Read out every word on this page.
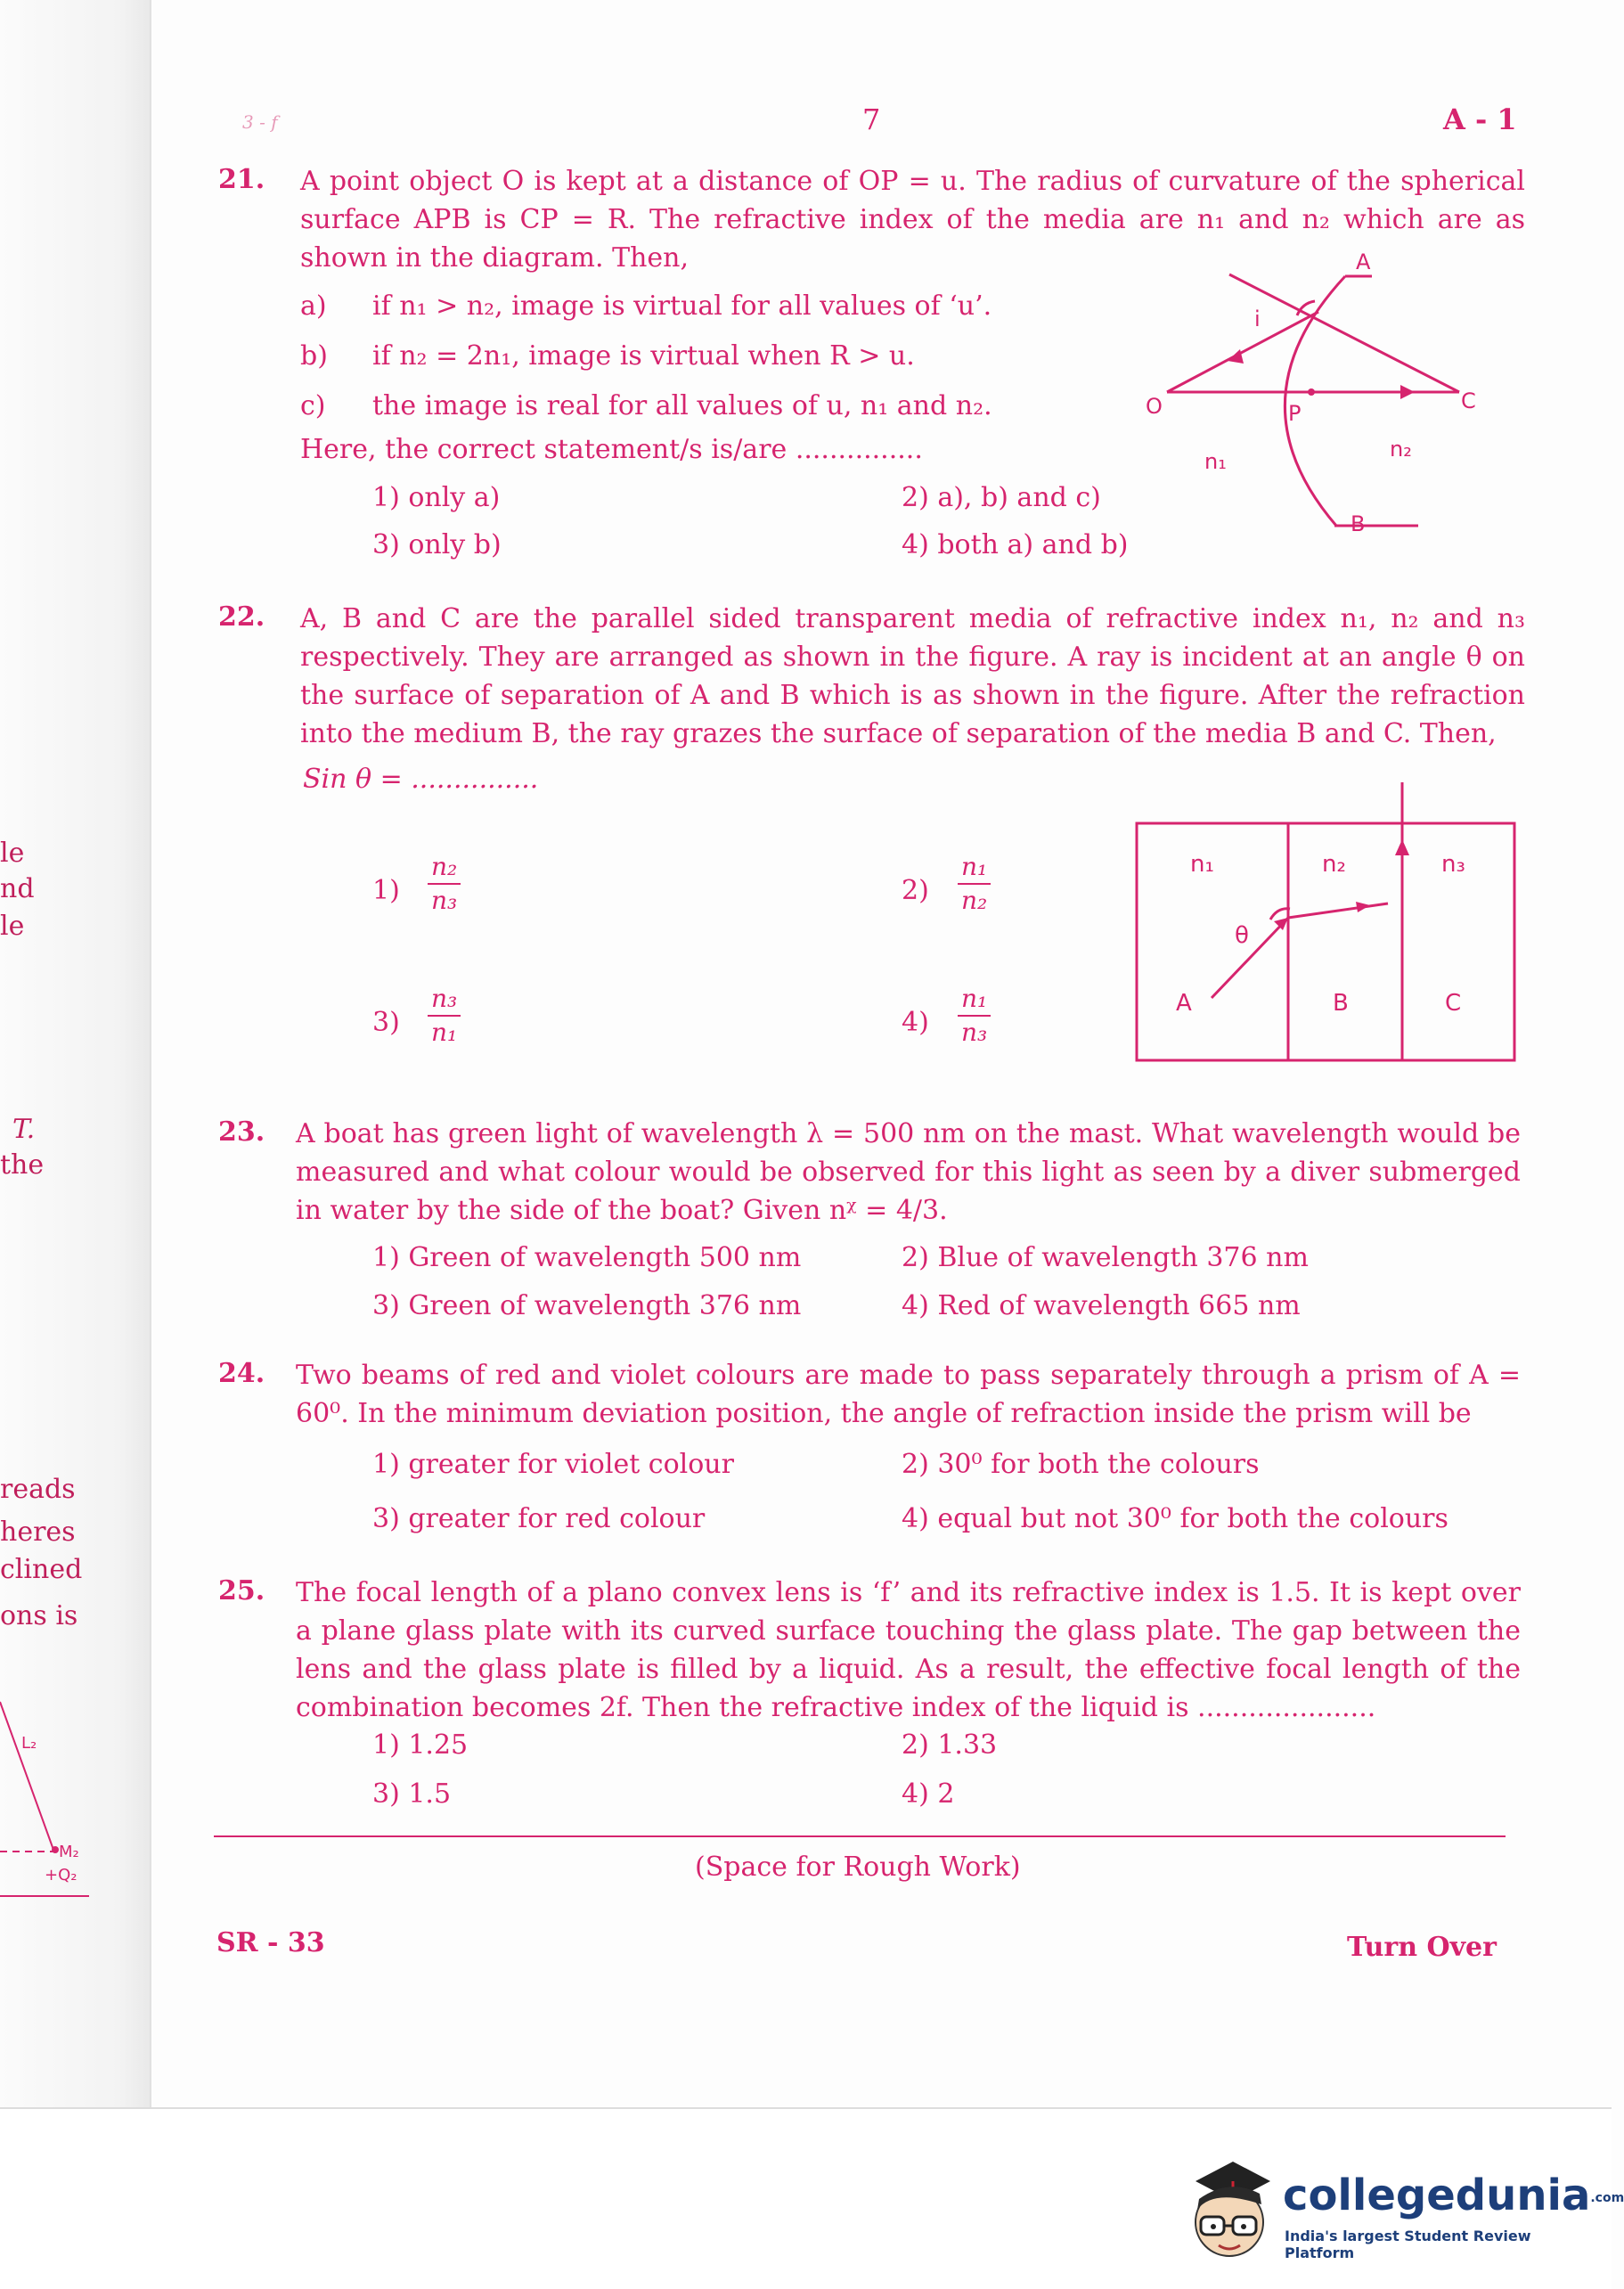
le
nd
le
T.
the
reads
heres
clined
ons is
L₂
M₂
+Q₂
3 - f	7	A - 1
21. A point object O is kept at a distance of OP = u. The radius of curvature of the spherical surface APB is CP = R. The refractive index of the media are n₁ and n₂ which are as shown in the diagram. Then,
a) if n₁ > n₂, image is virtual for all values of ‘u’.
b) if n₂ = 2n₁, image is virtual when R > u.
c) the image is real for all values of u, n₁ and n₂.
Here, the correct statement/s is/are ...............
1) only a)	2) a), b) and c)
3) only b)	4) both a) and b)
A
B
C
O	P
i
n₁	n₂
22. A, B and C are the parallel sided transparent media of refractive index n₁, n₂ and n₃ respectively. They are arranged as shown in the figure. A ray is incident at an angle θ on the surface of separation of A and B which is as shown in the figure. After the refraction into the medium B, the ray grazes the surface of separation of the media B and C. Then,
Sin θ = ...............
$1) \frac{\text{n₂}}{\text{n₃}}$	$2) \frac{\text{n₁}}{\text{n₂}}$
$3) \frac{\text{n₃}}{\text{n₁}}$	$4) \frac{\text{n₁}}{\text{n₃}}$
n₁	n₂	n₃
θ
A	B	C
23. A boat has green light of wavelength λ = 500 nm on the mast. What wavelength would be measured and what colour would be observed for this light as seen by a diver submerged in water by the side of the boat? Given nᵡ = 4/3.
1) Green of wavelength 500 nm	2) Blue of wavelength 376 nm
3) Green of wavelength 376 nm	4) Red of wavelength 665 nm
24. Two beams of red and violet colours are made to pass separately through a prism of A = 60⁰. In the minimum deviation position, the angle of refraction inside the prism will be
1) greater for violet colour	2) 30⁰ for both the colours
3) greater for red colour	4) equal but not 30⁰ for both the colours
25. The focal length of a plano convex lens is ‘f’ and its refractive index is 1.5. It is kept over a plane glass plate with its curved surface touching the glass plate. The gap between the lens and the glass plate is filled by a liquid. As a result, the effective focal length of the combination becomes 2f. Then the refractive index of the liquid is .....................
1) 1.25	2) 1.33
3) 1.5	4) 2
(Space for Rough Work)
SR - 33	Turn Over
collegedunia.com
India's largest Student Review Platform
